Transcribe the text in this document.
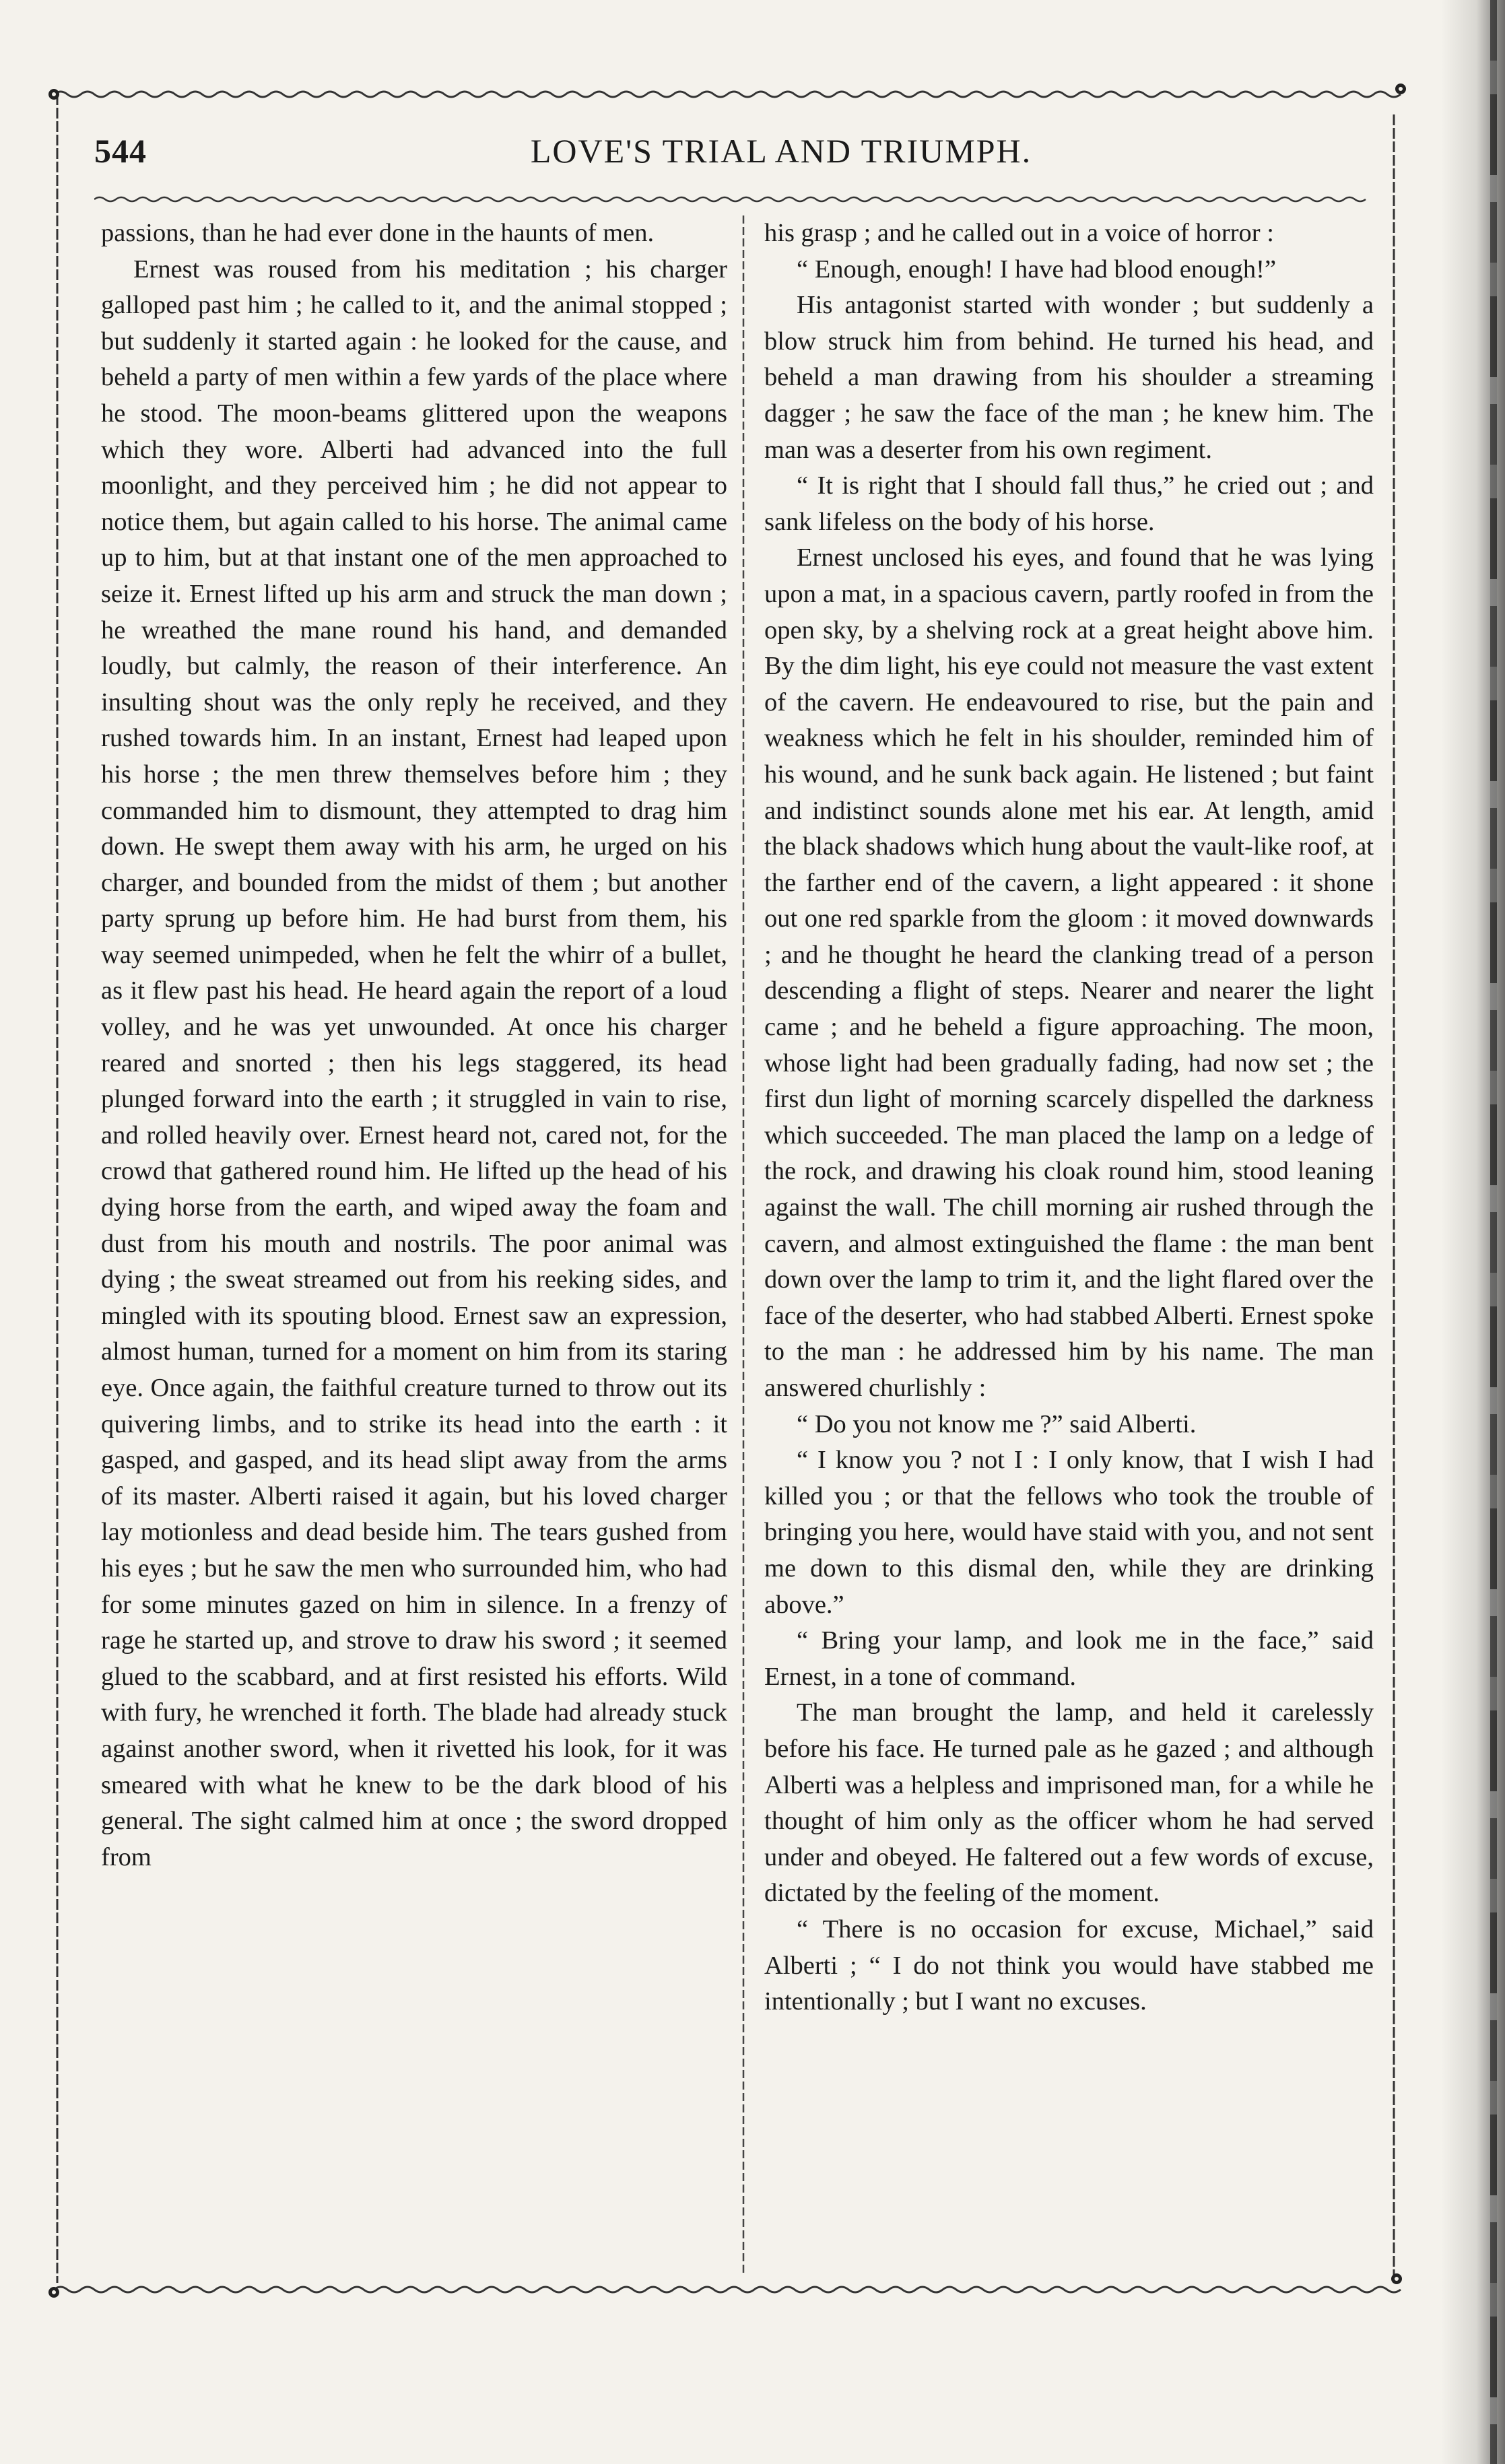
544	LOVE'S TRIAL AND TRIUMPH.

passions, than he had ever done in the haunts of men.

Ernest was roused from his meditation ; his charger galloped past him ; he called to it, and the animal stopped ; but suddenly it started again : he looked for the cause, and beheld a party of men within a few yards of the place where he stood. The moon-beams glittered upon the weapons which they wore. Alberti had advanced into the full moonlight, and they perceived him ; he did not appear to notice them, but again called to his horse. The animal came up to him, but at that instant one of the men approached to seize it. Ernest lifted up his arm and struck the man down ; he wreathed the mane round his hand, and demanded loudly, but calmly, the reason of their interference. An insulting shout was the only reply he received, and they rushed towards him. In an instant, Ernest had leaped upon his horse ; the men threw themselves before him ; they commanded him to dismount, they attempted to drag him down. He swept them away with his arm, he urged on his charger, and bounded from the midst of them ; but another party sprung up before him. He had burst from them, his way seemed unimpeded, when he felt the whirr of a bullet, as it flew past his head. He heard again the report of a loud volley, and he was yet unwounded. At once his charger reared and snorted ; then his legs staggered, its head plunged forward into the earth ; it struggled in vain to rise, and rolled heavily over. Ernest heard not, cared not, for the crowd that gathered round him. He lifted up the head of his dying horse from the earth, and wiped away the foam and dust from his mouth and nostrils. The poor animal was dying ; the sweat streamed out from his reeking sides, and mingled with its spouting blood. Ernest saw an expression, almost human, turned for a moment on him from its staring eye. Once again, the faithful creature turned to throw out its quivering limbs, and to strike its head into the earth : it gasped, and gasped, and its head slipt away from the arms of its master. Alberti raised it again, but his loved charger lay motionless and dead beside him. The tears gushed from his eyes ; but he saw the men who surrounded him, who had for some minutes gazed on him in silence. In a frenzy of rage he started up, and strove to draw his sword ; it seemed glued to the scabbard, and at first resisted his efforts. Wild with fury, he wrenched it forth. The blade had already stuck against another sword, when it rivetted his look, for it was smeared with what he knew to be the dark blood of his general. The sight calmed him at once ; the sword dropped from

his grasp ; and he called out in a voice of horror :

“ Enough, enough! I have had blood enough!”

His antagonist started with wonder ; but suddenly a blow struck him from behind. He turned his head, and beheld a man drawing from his shoulder a streaming dagger ; he saw the face of the man ; he knew him. The man was a deserter from his own regiment.

“ It is right that I should fall thus,” he cried out ; and sank lifeless on the body of his horse.

Ernest unclosed his eyes, and found that he was lying upon a mat, in a spacious cavern, partly roofed in from the open sky, by a shelving rock at a great height above him. By the dim light, his eye could not measure the vast extent of the cavern. He endeavoured to rise, but the pain and weakness which he felt in his shoulder, reminded him of his wound, and he sunk back again. He listened ; but faint and indistinct sounds alone met his ear. At length, amid the black shadows which hung about the vault-like roof, at the farther end of the cavern, a light appeared : it shone out one red sparkle from the gloom : it moved downwards ; and he thought he heard the clanking tread of a person descending a flight of steps. Nearer and nearer the light came ; and he beheld a figure approaching. The moon, whose light had been gradually fading, had now set ; the first dun light of morning scarcely dispelled the darkness which succeeded. The man placed the lamp on a ledge of the rock, and drawing his cloak round him, stood leaning against the wall. The chill morning air rushed through the cavern, and almost extinguished the flame : the man bent down over the lamp to trim it, and the light flared over the face of the deserter, who had stabbed Alberti. Ernest spoke to the man : he addressed him by his name. The man answered churlishly :

“ Do you not know me ?” said Alberti.

“ I know you ? not I : I only know, that I wish I had killed you ; or that the fellows who took the trouble of bringing you here, would have staid with you, and not sent me down to this dismal den, while they are drinking above.”

“ Bring your lamp, and look me in the face,” said Ernest, in a tone of command.

The man brought the lamp, and held it carelessly before his face. He turned pale as he gazed ; and although Alberti was a helpless and imprisoned man, for a while he thought of him only as the officer whom he had served under and obeyed. He faltered out a few words of excuse, dictated by the feeling of the moment.

“ There is no occasion for excuse, Michael,” said Alberti ; “ I do not think you would have stabbed me intentionally ; but I want no excuses.
